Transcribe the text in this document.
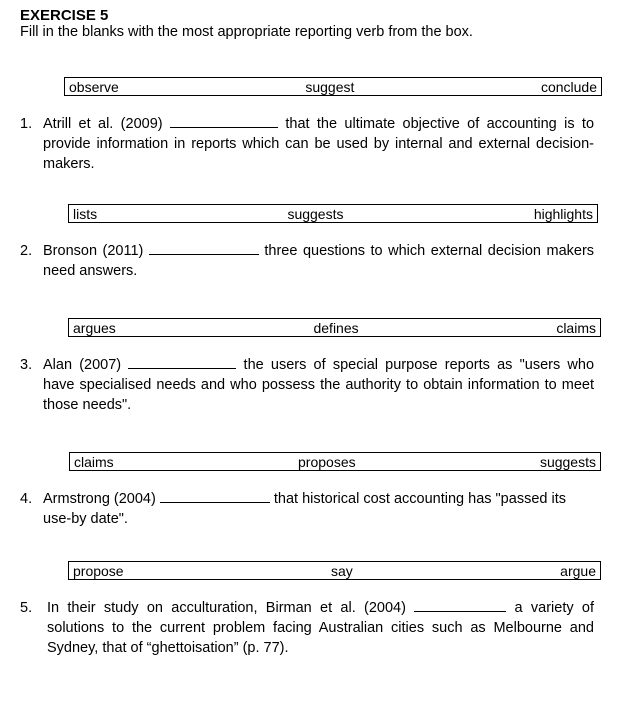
EXERCISE 5
Fill in the blanks with the most appropriate reporting verb from the box.
observe	suggest	conclude
1. Atrill et al. (2009)	that the ultimate objective of accounting is to provide information in reports which can be used by internal and external decision-makers.
lists	suggests	highlights
2. Bronson (2011)	three questions to which external decision makers need answers.
argues	defines	claims
3. Alan (2007)	the users of special purpose reports as "users who have specialised needs and who possess the authority to obtain information to meet those needs".
claims	proposes	suggests
4. Armstrong (2004)	that historical cost accounting has "passed its use-by date".
propose	say	argue
5. In their study on acculturation, Birman et al. (2004)	a variety of solutions to the current problem facing Australian cities such as Melbourne and Sydney, that of “ghettoisation” (p. 77).
